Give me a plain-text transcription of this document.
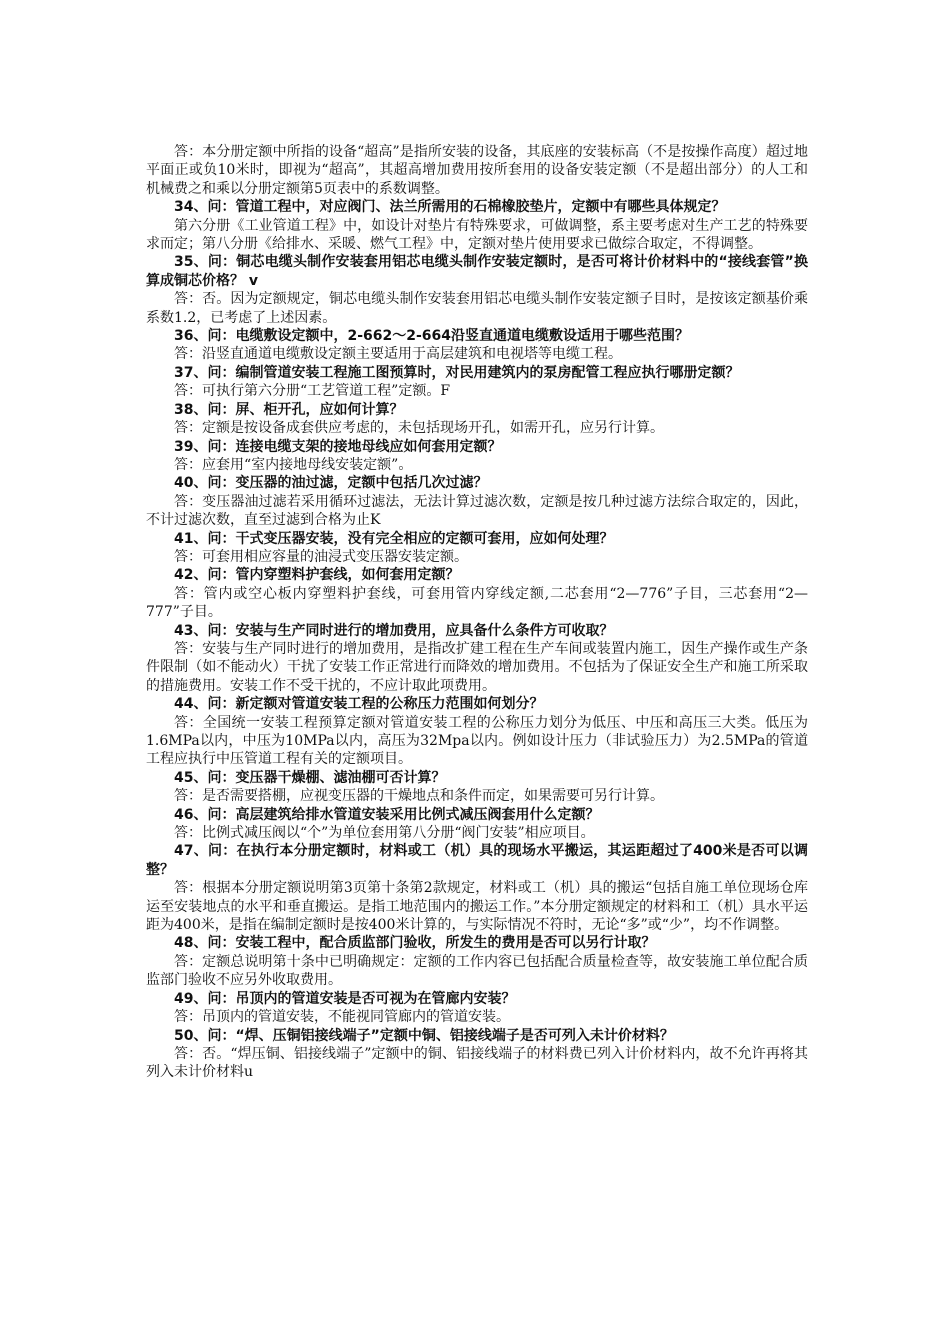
答：本分册定额中所指的设备“超高”是指所安装的设备，其底座的安装标高（不是按操作高度）超过地平面正或负10米时，即视为“超高”，其超高增加费用按所套用的设备安装定额（不是超出部分）的人工和机械费之和乘以分册定额第5页表中的系数调整。

34、问：管道工程中，对应阀门、法兰所需用的石棉橡胶垫片，定额中有哪些具体规定？

第六分册《工业管道工程》中，如设计对垫片有特殊要求，可做调整，系主要考虑对生产工艺的特殊要求而定；第八分册《给排水、采暖、燃气工程》中，定额对垫片使用要求已做综合取定，不得调整。

35、问：铜芯电缆头制作安装套用铝芯电缆头制作安装定额时，是否可将计价材料中的“接线套管”换算成铜芯价格？ v

答：否。因为定额规定，铜芯电缆头制作安装套用铝芯电缆头制作安装定额子目时，是按该定额基价乘系数1.2，已考虑了上述因素。

36、问：电缆敷设定额中，2-662～2-664沿竖直通道电缆敷设适用于哪些范围？

答：沿竖直通道电缆敷设定额主要适用于高层建筑和电视塔等电缆工程。

37、问：编制管道安装工程施工图预算时，对民用建筑内的泵房配管工程应执行哪册定额？

答：可执行第六分册“工艺管道工程”定额。F

38、问：屏、柜开孔，应如何计算？

答：定额是按设备成套供应考虑的，未包括现场开孔，如需开孔，应另行计算。

39、问：连接电缆支架的接地母线应如何套用定额？

答：应套用“室内接地母线安装定额”。

40、问：变压器的油过滤，定额中包括几次过滤？

答：变压器油过滤若采用循环过滤法，无法计算过滤次数，定额是按几种过滤方法综合取定的，因此，不计过滤次数，直至过滤到合格为止K

41、问：干式变压器安装，没有完全相应的定额可套用，应如何处理？

答：可套用相应容量的油浸式变压器安装定额。

42、问：管内穿塑料护套线，如何套用定额？

答：管内或空心板内穿塑料护套线，可套用管内穿线定额,二芯套用“2—776”子目，三芯套用“2—777”子目。

43、问：安装与生产同时进行的增加费用，应具备什么条件方可收取？

答：安装与生产同时进行的增加费用，是指改扩建工程在生产车间或装置内施工，因生产操作或生产条件限制（如不能动火）干扰了安装工作正常进行而降效的增加费用。不包括为了保证安全生产和施工所采取的措施费用。安装工作不受干扰的，不应计取此项费用。

44、问：新定额对管道安装工程的公称压力范围如何划分？

答：全国统一安装工程预算定额对管道安装工程的公称压力划分为低压、中压和高压三大类。低压为1.6MPa以内，中压为10MPa以内，高压为32Mpa以内。例如设计压力（非试验压力）为2.5MPa的管道工程应执行中压管道工程有关的定额项目。

45、问：变压器干燥棚、滤油棚可否计算？

答：是否需要搭棚，应视变压器的干燥地点和条件而定，如果需要可另行计算。

46、问：高层建筑给排水管道安装采用比例式减压阀套用什么定额？

答：比例式减压阀以“个”为单位套用第八分册“阀门安装”相应项目。

47、问：在执行本分册定额时，材料或工（机）具的现场水平搬运，其运距超过了400米是否可以调整？

答：根据本分册定额说明第3页第十条第2款规定，材料或工（机）具的搬运“包括自施工单位现场仓库运至安装地点的水平和垂直搬运。是指工地范围内的搬运工作。”本分册定额规定的材料和工（机）具水平运距为400米，是指在编制定额时是按400米计算的，与实际情况不符时，无论“多”或“少”，均不作调整。

48、问：安装工程中，配合质监部门验收，所发生的费用是否可以另行计取？

答：定额总说明第十条中已明确规定：定额的工作内容已包括配合质量检查等，故安装施工单位配合质监部门验收不应另外收取费用。

49、问：吊顶内的管道安装是否可视为在管廊内安装？

答：吊顶内的管道安装，不能视同管廊内的管道安装。

50、问：“焊、压铜铝接线端子”定额中铜、铝接线端子是否可列入未计价材料？

答：否。“焊压铜、铝接线端子”定额中的铜、铝接线端子的材料费已列入计价材料内，故不允许再将其列入未计价材料u
